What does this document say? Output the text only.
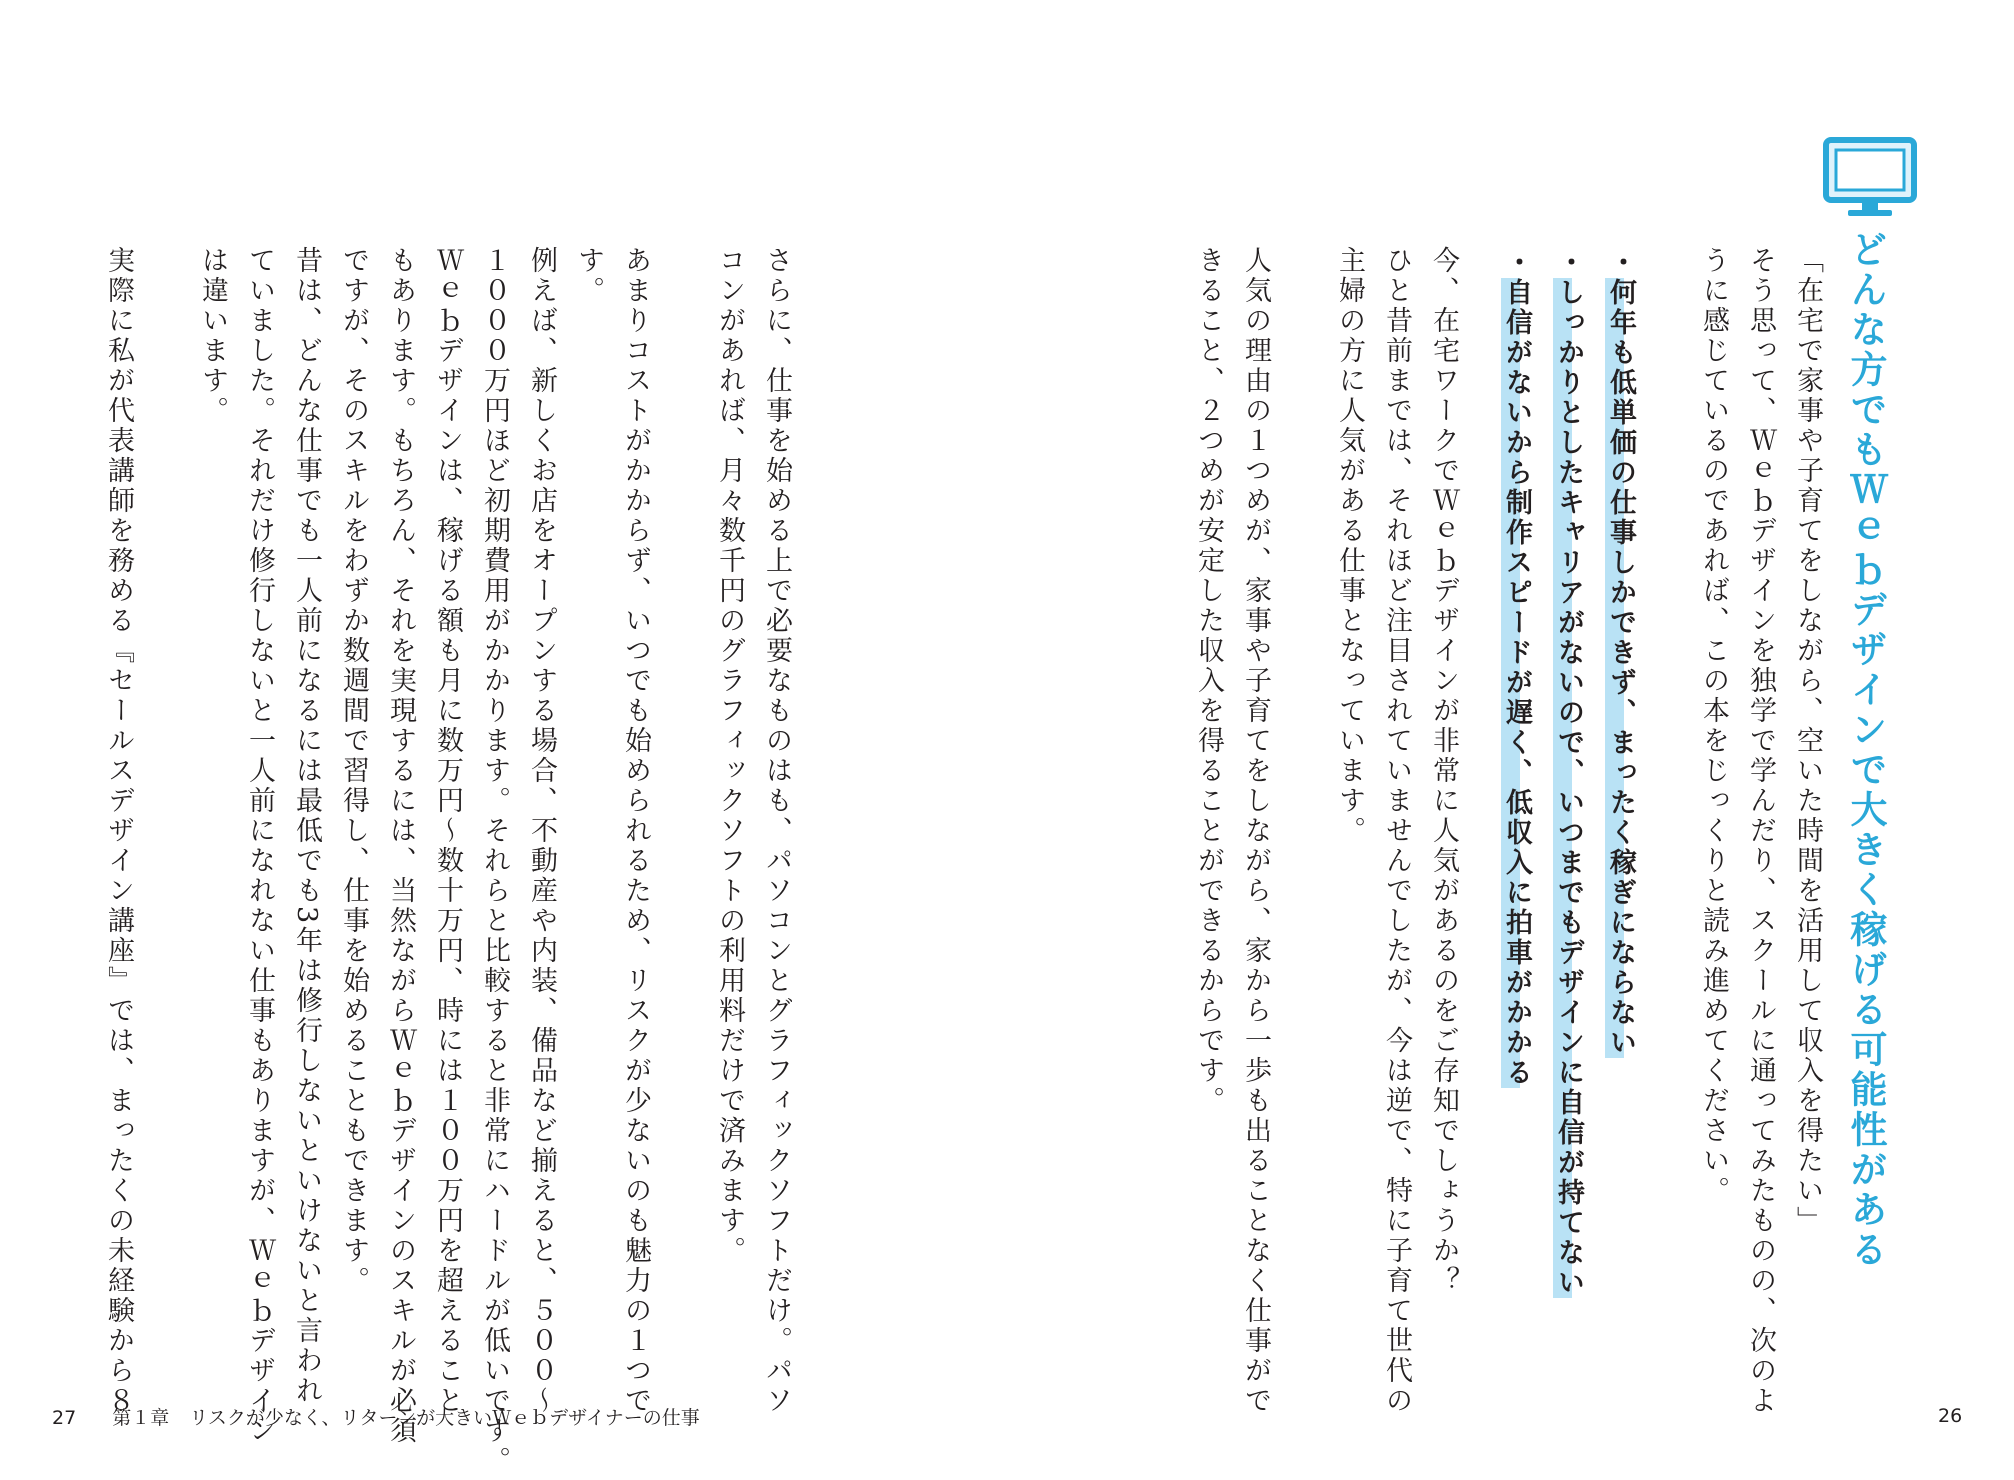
どんな方でもＷｅｂデザインで大きく稼げる可能性がある

「在宅で家事や子育てをしながら、空いた時間を活用して収入を得たい」

そう思って、Ｗｅｂデザインを独学で学んだり、スクールに通ってみたものの、次のよ

うに感じているのであれば、この本をじっくりと読み進めてください。

・ 何年も低単価の仕事しかできず、まったく稼ぎにならない
・ しっかりとしたキャリアがないので、いつまでもデザインに自信が持てない
・ 自信がないから制作スピードが遅く、低収入に拍車がかかる

今、在宅ワークでＷｅｂデザインが非常に人気があるのをご存知でしょうか？

ひと昔前までは、それほど注目されていませんでしたが、今は逆で、特に子育て世代の

主婦の方に人気がある仕事となっています。

人気の理由の１つめが、家事や子育てをしながら、家から一歩も出ることなく仕事がで

きること、２つめが安定した収入を得ることができるからです。

26

さらに、仕事を始める上で必要なものはも、パソコンとグラフィックソフトだけ。パソ

コンがあれば、月々数千円のグラフィックソフトの利用料だけで済みます。

あまりコストがかからず、いつでも始められるため、リスクが少ないのも魅力の１つで

す。

例えば、新しくお店をオープンする場合、不動産や内装、備品など揃えると、５００～

１０００万円ほど初期費用がかかります。それらと比較すると非常にハードルが低いです。

Ｗｅｂデザインは、稼げる額も月に数万円～数十万円、時には１００万円を超えること

もあります。もちろん、それを実現するには、当然ながらＷｅｂデザインのスキルが必須

ですが、そのスキルをわずか数週間で習得し、仕事を始めることもできます。

昔は、どんな仕事でも一人前になるには最低でも3年は修行しないといけないと言われ

ていました。それだけ修行しないと一人前になれない仕事もありますが、Ｗｅｂデザイン

は違います。

実際に私が代表講師を務める『セールスデザイン講座』では、まったくの未経験から８

27 第１章 リスクが少なく、リターンが大きいＷｅｂデザイナーの仕事
